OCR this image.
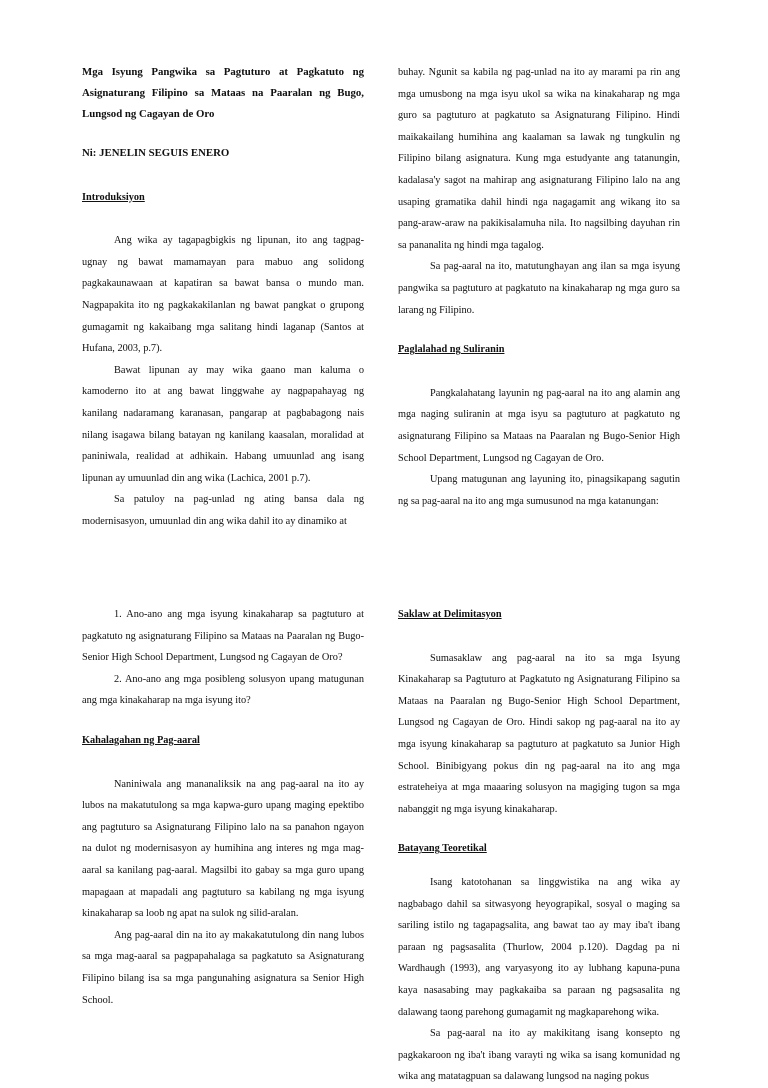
Mga Isyung Pangwika sa Pagtuturo at Pagkatuto ng Asignaturang Filipino sa Mataas na Paaralan ng Bugo, Lungsod ng Cagayan de Oro

Ni: JENELIN SEGUIS ENERO

Introduksiyon

Ang wika ay tagapagbigkis ng lipunan, ito ang tagpag-ugnay ng bawat mamamayan para mabuo ang solidong pagkakaunawaan at kapatiran sa bawat bansa o mundo man. Nagpapakita ito ng pagkakakilanlan ng bawat pangkat o grupong gumagamit ng kakaibang mga salitang hindi laganap (Santos at Hufana, 2003, p.7).

Bawat lipunan ay may wika gaano man kaluma o kamoderno ito at ang bawat linggwahe ay nagpapahayag ng kanilang nadaramang karanasan, pangarap at pagbabagong nais nilang isagawa bilang batayan ng kanilang kaasalan, moralidad at paniniwala, realidad at adhikain. Habang umuunlad ang isang lipunan ay umuunlad din ang wika (Lachica, 2001 p.7).

Sa patuloy na pag-unlad ng ating bansa dala ng modernisasyon, umuunlad din ang wika dahil ito ay dinamiko at

buhay. Ngunit sa kabila ng pag-unlad na ito ay marami pa rin ang mga umusbong na mga isyu ukol sa wika na kinakaharap ng mga guro sa pagtuturo at pagkatuto sa Asignaturang Filipino. Hindi maikakailang humihina ang kaalaman sa lawak ng tungkulin ng Filipino bilang asignatura. Kung mga estudyante ang tatanungin, kadalasa'y sagot na mahirap ang asignaturang Filipino lalo na ang usaping gramatika dahil hindi nga nagagamit ang wikang ito sa pang-araw-araw na pakikisalamuha nila. Ito nagsilbing dayuhan rin sa pananalita ng hindi mga tagalog.

Sa pag-aaral na ito, matutunghayan ang ilan sa mga isyung pangwika sa pagtuturo at pagkatuto na kinakaharap ng mga guro sa larang ng Filipino.

Paglalahad ng Suliranin

Pangkalahatang layunin ng pag-aaral na ito ang alamin ang mga naging suliranin at mga isyu sa pagtuturo at pagkatuto ng asignaturang Filipino sa Mataas na Paaralan ng Bugo-Senior High School Department, Lungsod ng Cagayan de Oro.

Upang matugunan ang layuning ito, pinagsikapang sagutin ng sa pag-aaral na ito ang mga sumusunod na mga katanungan:

1. Ano-ano ang mga isyung kinakaharap sa pagtuturo at pagkatuto ng asignaturang Filipino sa Mataas na Paaralan ng Bugo-Senior High School Department, Lungsod ng Cagayan de Oro?

2. Ano-ano ang mga posibleng solusyon upang matugunan ang mga kinakaharap na mga isyung ito?

Kahalagahan ng Pag-aaral

Naniniwala ang mananaliksik na ang pag-aaral na ito ay lubos na makatutulong sa mga kapwa-guro upang maging epektibo ang pagtuturo sa Asignaturang Filipino lalo na sa panahon ngayon na dulot ng modernisasyon ay humihina ang interes ng mga mag-aaral sa kanilang pag-aaral. Magsilbi ito gabay sa mga guro upang mapagaan at mapadali ang pagtuturo sa kabilang ng mga isyung kinakaharap sa loob ng apat na sulok ng silid-aralan.

Ang pag-aaral din na ito ay makakatutulong din nang lubos sa mga mag-aaral sa pagpapahalaga sa pagkatuto sa Asignaturang Filipino bilang isa sa mga pangunahing asignatura sa Senior High School.

Saklaw at Delimitasyon

Sumasaklaw ang pag-aaral na ito sa mga Isyung Kinakaharap sa Pagtuturo at Pagkatuto ng Asignaturang Filipino sa Mataas na Paaralan ng Bugo-Senior High School Department, Lungsod ng Cagayan de Oro. Hindi sakop ng pag-aaral na ito ay mga isyung kinakaharap sa pagtuturo at pagkatuto sa Junior High School. Binibigyang pokus din ng pag-aaral na ito ang mga estrateheiya at mga maaaring solusyon na magiging tugon sa mga nabanggit ng mga isyung kinakaharap.

Batayang Teoretikal

Isang katotohanan sa linggwistika na ang wika ay nagbabago dahil sa sitwasyong heyograpikal, sosyal o maging sa sariling istilo ng tagapagsalita, ang bawat tao ay may iba't ibang paraan ng pagsasalita (Thurlow, 2004 p.120). Dagdag pa ni Wardhaugh (1993), ang varyasyong ito ay lubhang kapuna-puna kaya nasasabing may pagkakaiba sa paraan ng pagsasalita ng dalawang taong parehong gumagamit ng magkaparehong wika.

Sa pag-aaral na ito ay makikitang isang konsepto ng pagkakaroon ng iba't ibang varayti ng wika sa isang komunidad ng wika ang matatagpuan sa dalawang lungsod na naging pokus
